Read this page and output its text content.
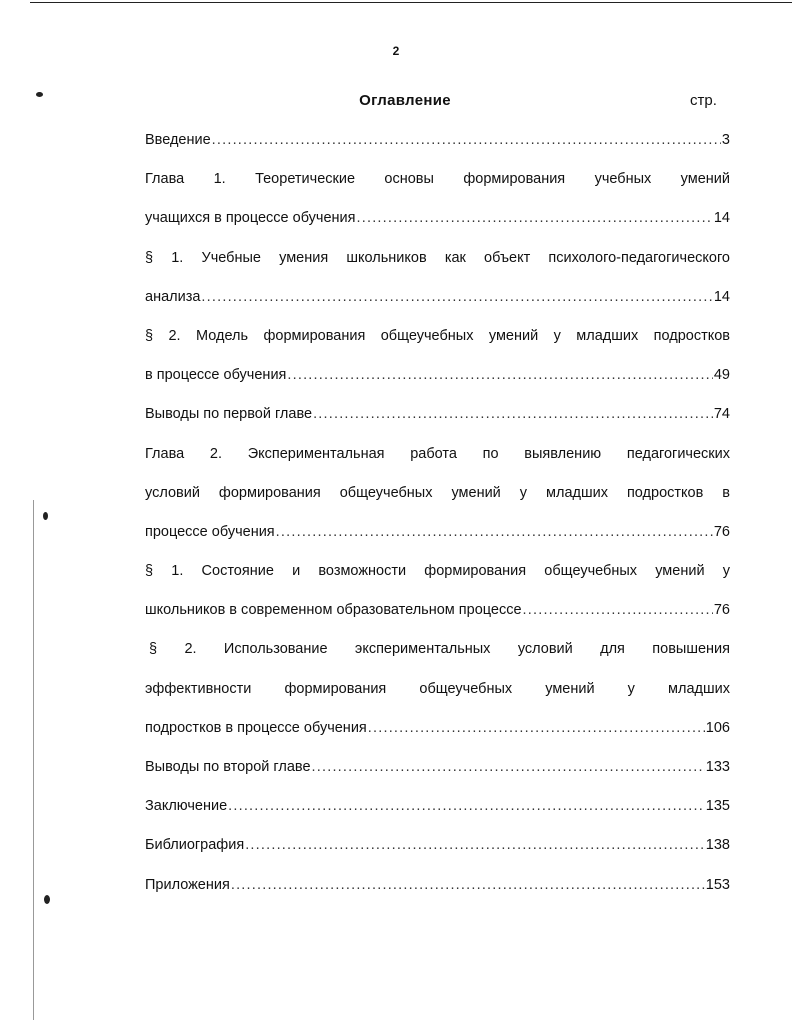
2
Оглавление	стр.
Введение .....	3
Глава 1. Теоретические основы формирования учебных умений
учащихся в процессе обучения .....	14
§ 1. Учебные умения школьников как объект психолого-педагогического
анализа .....	14
§ 2. Модель формирования общеучебных умений у младших подростков
в процессе обучения .....	49
Выводы по первой главе .....	74
Глава 2. Экспериментальная работа по выявлению педагогических
условий формирования общеучебных умений у младших подростков в
процессе обучения .....	76
§ 1. Состояние и возможности формирования общеучебных умений у
школьников в современном образовательном процессе .....	76
§ 2. Использование экспериментальных условий для повышения
эффективности формирования общеучебных умений у младших
подростков в процессе обучения .....	106
Выводы по второй главе .....	133
Заключение .....	135
Библиография .....	138
Приложения .....	153
